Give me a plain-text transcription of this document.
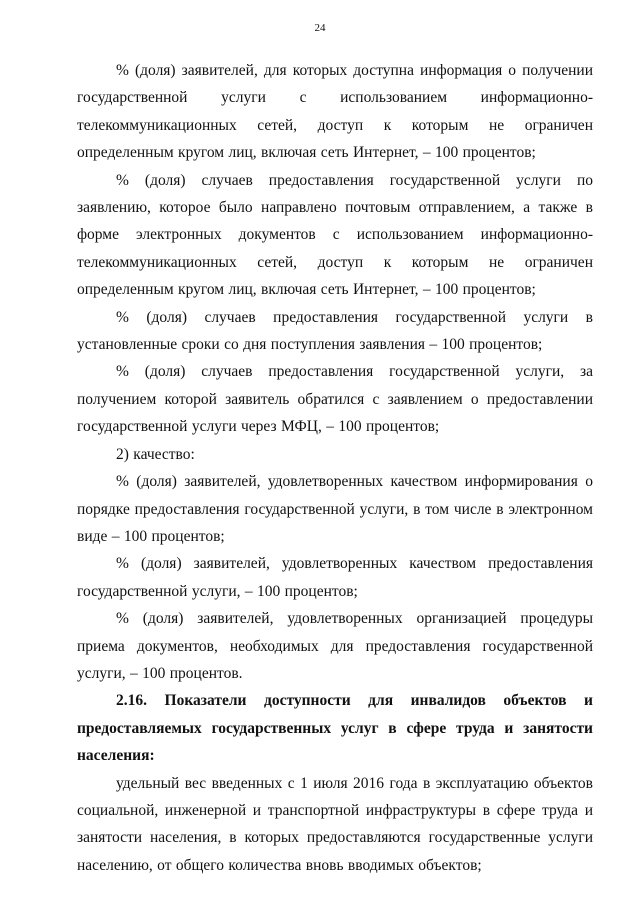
24

% (доля) заявителей, для которых доступна информация о получении государственной услуги с использованием информационно-телекоммуникационных сетей, доступ к которым не ограничен определенным кругом лиц, включая сеть Интернет, – 100 процентов;

% (доля) случаев предоставления государственной услуги по заявлению, которое было направлено почтовым отправлением, а также в форме электронных документов с использованием информационно-телекоммуникационных сетей, доступ к которым не ограничен определенным кругом лиц, включая сеть Интернет, – 100 процентов;

% (доля) случаев предоставления государственной услуги в установленные сроки со дня поступления заявления – 100 процентов;

% (доля) случаев предоставления государственной услуги, за получением которой заявитель обратился с заявлением о предоставлении государственной услуги через МФЦ, – 100 процентов;

2) качество:

% (доля) заявителей, удовлетворенных качеством информирования о порядке предоставления государственной услуги, в том числе в электронном виде – 100 процентов;

% (доля) заявителей, удовлетворенных качеством предоставления государственной услуги, – 100 процентов;

% (доля) заявителей, удовлетворенных организацией процедуры приема документов, необходимых для предоставления государственной услуги, – 100 процентов.

2.16. Показатели доступности для инвалидов объектов и предоставляемых государственных услуг в сфере труда и занятости населения:

удельный вес введенных с 1 июля 2016 года в эксплуатацию объектов социальной, инженерной и транспортной инфраструктуры в сфере труда и занятости населения, в которых предоставляются государственные услуги населению, от общего количества вновь вводимых объектов;
